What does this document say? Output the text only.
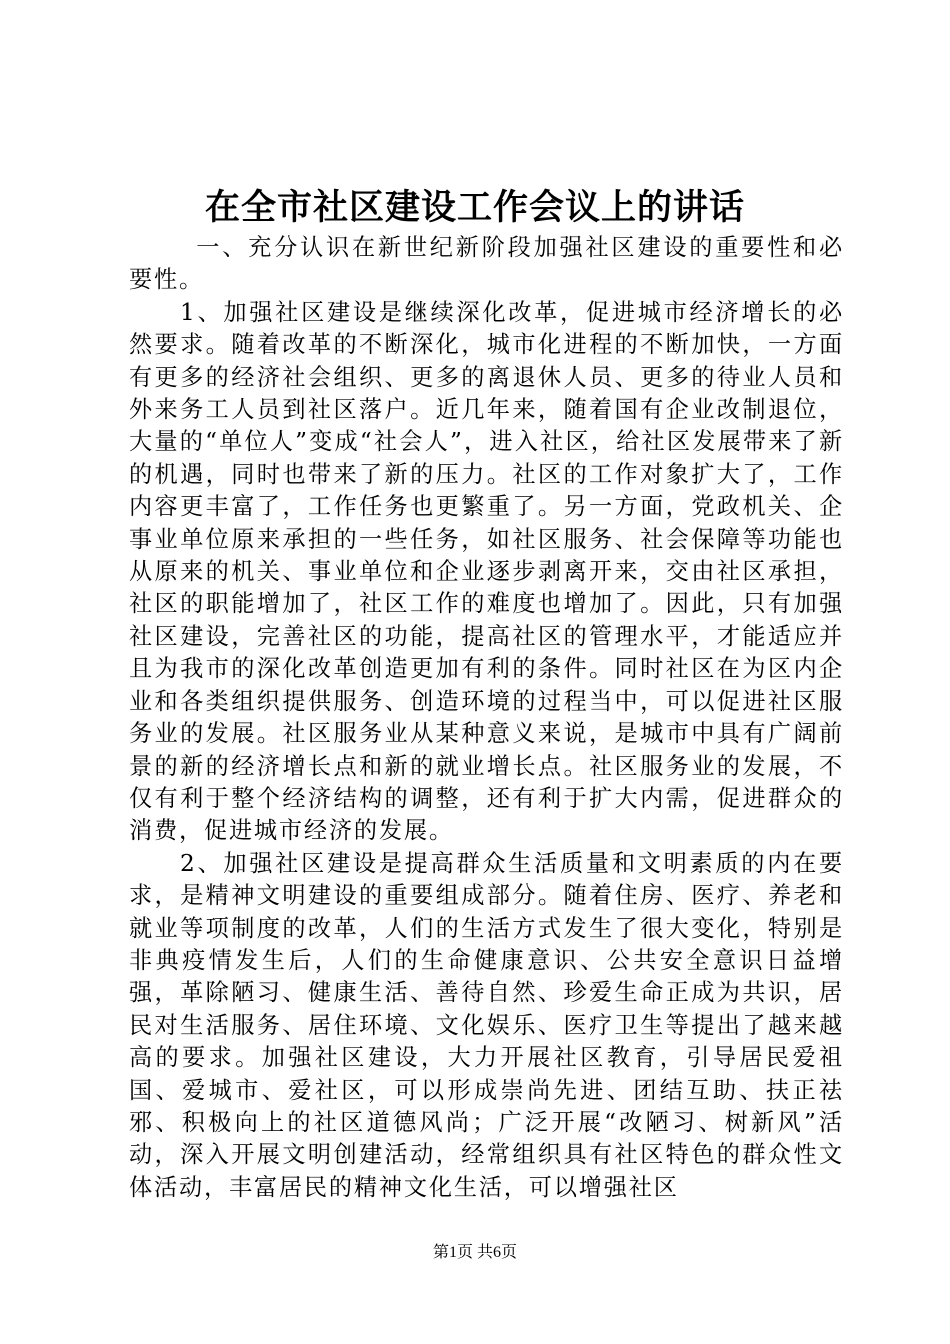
在全市社区建设工作会议上的讲话

一、充分认识在新世纪新阶段加强社区建设的重要性和必要性。

1、加强社区建设是继续深化改革，促进城市经济增长的必然要求。随着改革的不断深化，城市化进程的不断加快，一方面有更多的经济社会组织、更多的离退休人员、更多的待业人员和外来务工人员到社区落户。近几年来，随着国有企业改制退位，大量的“单位人”变成“社会人”，进入社区，给社区发展带来了新的机遇，同时也带来了新的压力。社区的工作对象扩大了，工作内容更丰富了，工作任务也更繁重了。另一方面，党政机关、企事业单位原来承担的一些任务，如社区服务、社会保障等功能也从原来的机关、事业单位和企业逐步剥离开来，交由社区承担，社区的职能增加了，社区工作的难度也增加了。因此，只有加强社区建设，完善社区的功能，提高社区的管理水平，才能适应并且为我市的深化改革创造更加有利的条件。同时社区在为区内企业和各类组织提供服务、创造环境的过程当中，可以促进社区服务业的发展。社区服务业从某种意义来说，是城市中具有广阔前景的新的经济增长点和新的就业增长点。社区服务业的发展，不仅有利于整个经济结构的调整，还有利于扩大内需，促进群众的消费，促进城市经济的发展。

2、加强社区建设是提高群众生活质量和文明素质的内在要求，是精神文明建设的重要组成部分。随着住房、医疗、养老和就业等项制度的改革，人们的生活方式发生了很大变化，特别是非典疫情发生后，人们的生命健康意识、公共安全意识日益增强，革除陋习、健康生活、善待自然、珍爱生命正成为共识，居民对生活服务、居住环境、文化娱乐、医疗卫生等提出了越来越高的要求。加强社区建设，大力开展社区教育，引导居民爱祖国、爱城市、爱社区，可以形成崇尚先进、团结互助、扶正祛邪、积极向上的社区道德风尚；广泛开展“改陋习、树新风”活动，深入开展文明创建活动，经常组织具有社区特色的群众性文体活动，丰富居民的精神文化生活，可以增强社区

第1页 共6页
